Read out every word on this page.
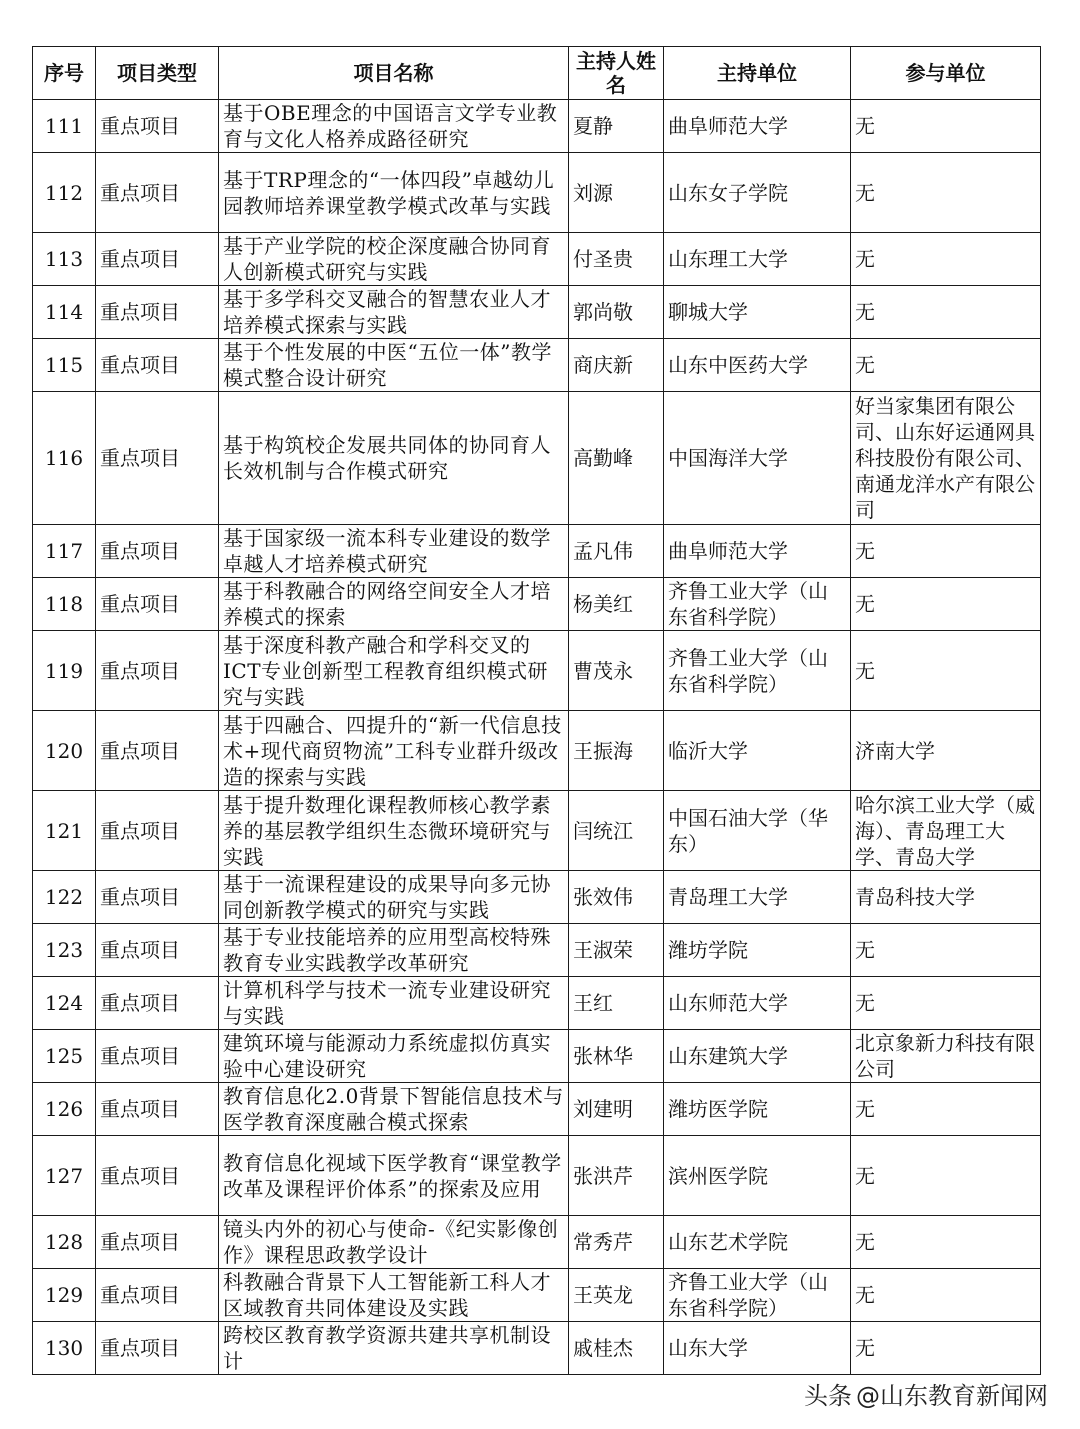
序号	项目类型	项目名称	主持人姓名	主持单位	参与单位
111	重点项目	基于OBE理念的中国语言文学专业教育与文化人格养成路径研究	夏静	曲阜师范大学	无
112	重点项目	基于TRP理念的“一体四段”卓越幼儿园教师培养课堂教学模式改革与实践	刘源	山东女子学院	无
113	重点项目	基于产业学院的校企深度融合协同育人创新模式研究与实践	付圣贵	山东理工大学	无
114	重点项目	基于多学科交叉融合的智慧农业人才培养模式探索与实践	郭尚敬	聊城大学	无
115	重点项目	基于个性发展的中医“五位一体”教学模式整合设计研究	商庆新	山东中医药大学	无
116	重点项目	基于构筑校企发展共同体的协同育人长效机制与合作模式研究	高勤峰	中国海洋大学	好当家集团有限公司、山东好运通网具科技股份有限公司、南通龙洋水产有限公司
117	重点项目	基于国家级一流本科专业建设的数学卓越人才培养模式研究	孟凡伟	曲阜师范大学	无
118	重点项目	基于科教融合的网络空间安全人才培养模式的探索	杨美红	齐鲁工业大学（山东省科学院）	无
119	重点项目	基于深度科教产融合和学科交叉的ICT专业创新型工程教育组织模式研究与实践	曹茂永	齐鲁工业大学（山东省科学院）	无
120	重点项目	基于四融合、四提升的“新一代信息技术+现代商贸物流”工科专业群升级改造的探索与实践	王振海	临沂大学	济南大学
121	重点项目	基于提升数理化课程教师核心教学素养的基层教学组织生态微环境研究与实践	闫统江	中国石油大学（华东）	哈尔滨工业大学（威海）、青岛理工大学、青岛大学
122	重点项目	基于一流课程建设的成果导向多元协同创新教学模式的研究与实践	张效伟	青岛理工大学	青岛科技大学
123	重点项目	基于专业技能培养的应用型高校特殊教育专业实践教学改革研究	王淑荣	潍坊学院	无
124	重点项目	计算机科学与技术一流专业建设研究与实践	王红	山东师范大学	无
125	重点项目	建筑环境与能源动力系统虚拟仿真实验中心建设研究	张林华	山东建筑大学	北京象新力科技有限公司
126	重点项目	教育信息化2.0背景下智能信息技术与医学教育深度融合模式探索	刘建明	潍坊医学院	无
127	重点项目	教育信息化视域下医学教育“课堂教学改革及课程评价体系”的探索及应用	张洪芹	滨州医学院	无
128	重点项目	镜头内外的初心与使命-《纪实影像创作》课程思政教学设计	常秀芹	山东艺术学院	无
129	重点项目	科教融合背景下人工智能新工科人才区域教育共同体建设及实践	王英龙	齐鲁工业大学（山东省科学院）	无
130	重点项目	跨校区教育教学资源共建共享机制设计	戚桂杰	山东大学	无
头条 @山东教育新闻网
